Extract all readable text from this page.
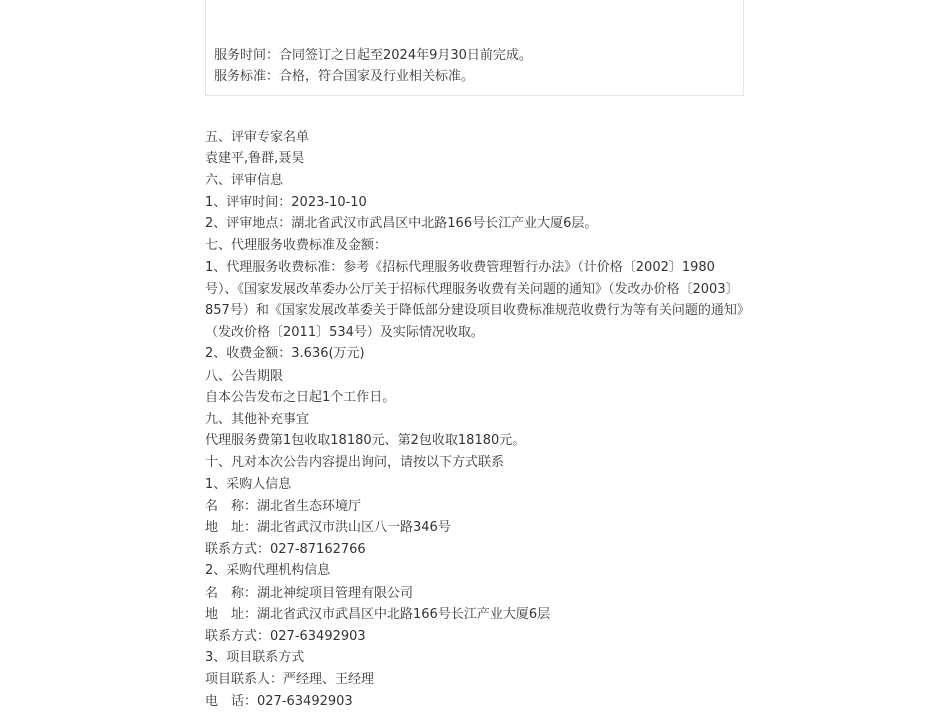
服务时间：合同签订之日起至2024年9月30日前完成。
服务标准：合格，符合国家及行业相关标准。
五、评审专家名单
袁建平,鲁群,聂昊
六、评审信息
1、评审时间：2023-10-10
2、评审地点：湖北省武汉市武昌区中北路166号长江产业大厦6层。
七、代理服务收费标准及金额：
1、代理服务收费标准：参考《招标代理服务收费管理暂行办法》（计价格〔2002〕1980号）、《国家发展改革委办公厅关于招标代理服务收费有关问题的通知》（发改办价格〔2003〕857号）和《国家发展改革委关于降低部分建设项目收费标准规范收费行为等有关问题的通知》（发改价格〔2011〕534号）及实际情况收取。
2、收费金额：3.636(万元)
八、公告期限
自本公告发布之日起1个工作日。
九、其他补充事宜
代理服务费第1包收取18180元、第2包收取18180元。
十、凡对本次公告内容提出询问，请按以下方式联系
1、采购人信息
名　称：湖北省生态环境厅
地　址：湖北省武汉市洪山区八一路346号
联系方式：027-87162766
2、采购代理机构信息
名　称：湖北神绽项目管理有限公司
地　址：湖北省武汉市武昌区中北路166号长江产业大厦6层
联系方式：027-63492903
3、项目联系方式
项目联系人：严经理、王经理
电　话：027-63492903
